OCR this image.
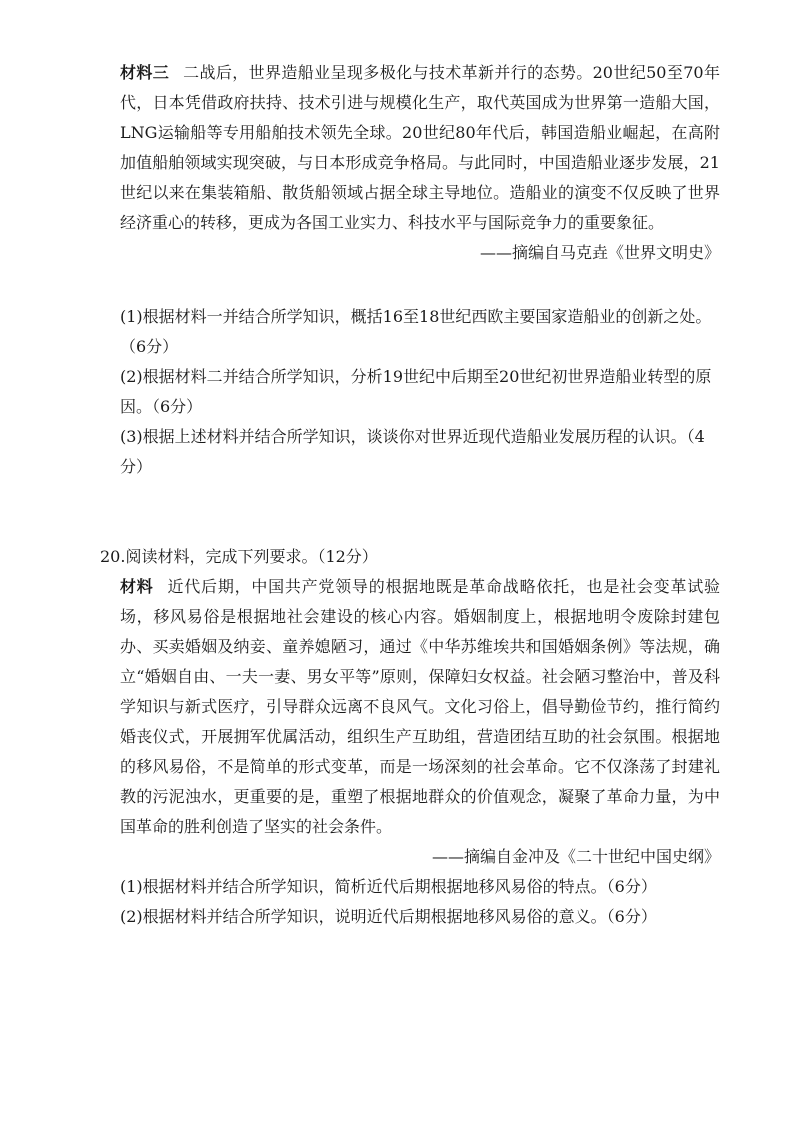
材料三 二战后，世界造船业呈现多极化与技术革新并行的态势。20世纪50至70年代，日本凭借政府扶持、技术引进与规模化生产，取代英国成为世界第一造船大国，LNG运输船等专用船舶技术领先全球。20世纪80年代后，韩国造船业崛起，在高附加值船舶领域实现突破，与日本形成竞争格局。与此同时，中国造船业逐步发展，21世纪以来在集装箱船、散货船领域占据全球主导地位。造船业的演变不仅反映了世界经济重心的转移，更成为各国工业实力、科技水平与国际竞争力的重要象征。

——摘编自马克垚《世界文明史》

(1)根据材料一并结合所学知识，概括16至18世纪西欧主要国家造船业的创新之处。（6分）

(2)根据材料二并结合所学知识，分析19世纪中后期至20世纪初世界造船业转型的原因。（6分）

(3)根据上述材料并结合所学知识，谈谈你对世界近现代造船业发展历程的认识。（4分）

20.阅读材料，完成下列要求。（12分）

材料 近代后期，中国共产党领导的根据地既是革命战略依托，也是社会变革试验场，移风易俗是根据地社会建设的核心内容。婚姻制度上，根据地明令废除封建包办、买卖婚姻及纳妾、童养媳陋习，通过《中华苏维埃共和国婚姻条例》等法规，确立“婚姻自由、一夫一妻、男女平等”原则，保障妇女权益。社会陋习整治中，普及科学知识与新式医疗，引导群众远离不良风气。文化习俗上，倡导勤俭节约，推行简约婚丧仪式，开展拥军优属活动，组织生产互助组，营造团结互助的社会氛围。根据地的移风易俗，不是简单的形式变革，而是一场深刻的社会革命。它不仅涤荡了封建礼教的污泥浊水，更重要的是，重塑了根据地群众的价值观念，凝聚了革命力量，为中国革命的胜利创造了坚实的社会条件。

——摘编自金冲及《二十世纪中国史纲》

(1)根据材料并结合所学知识，简析近代后期根据地移风易俗的特点。（6分）

(2)根据材料并结合所学知识，说明近代后期根据地移风易俗的意义。（6分）
